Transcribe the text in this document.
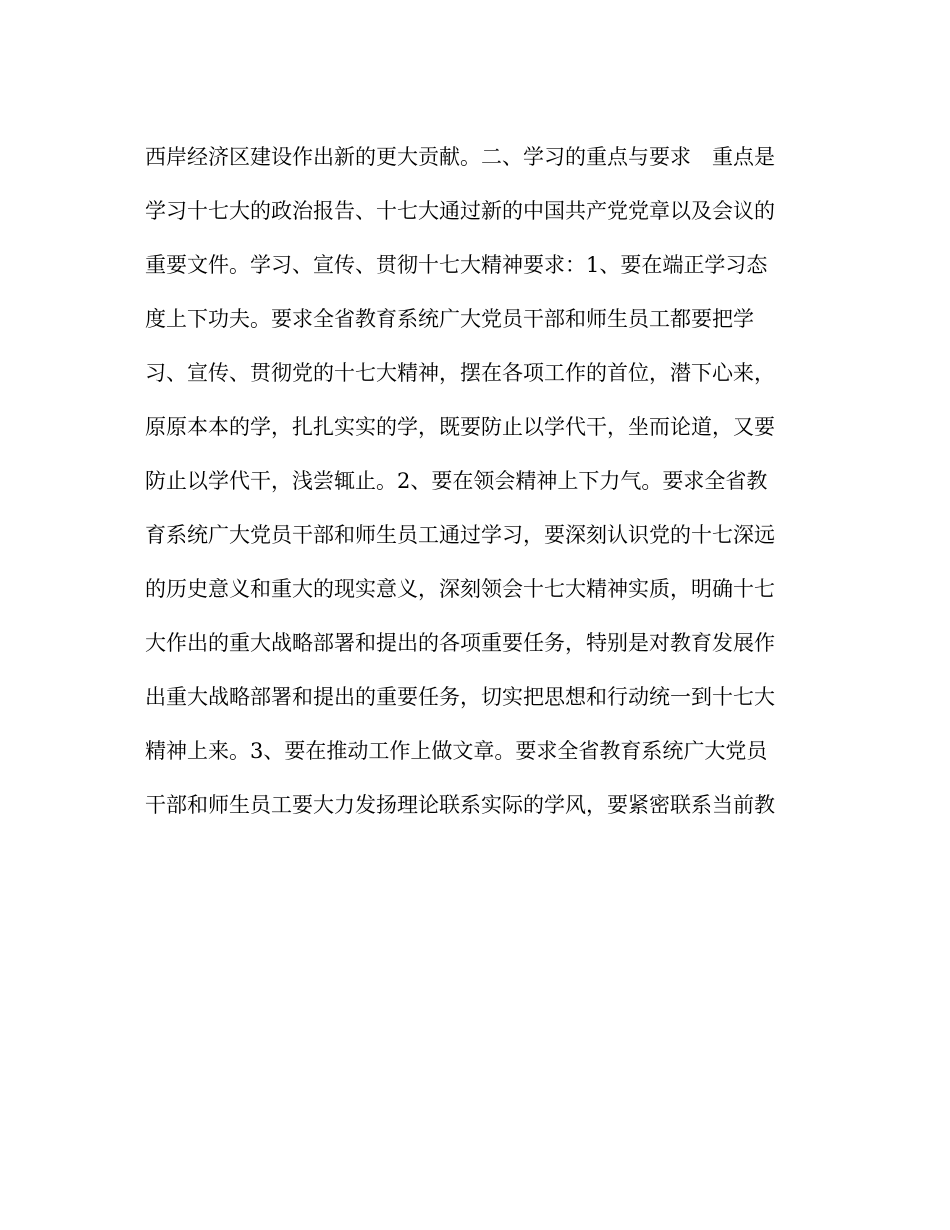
西岸经济区建设作出新的更大贡献。二、学习的重点与要求　重点是
学习十七大的政治报告、十七大通过新的中国共产党党章以及会议的
重要文件。学习、宣传、贯彻十七大精神要求：1、要在端正学习态
度上下功夫。要求全省教育系统广大党员干部和师生员工都要把学
习、宣传、贯彻党的十七大精神，摆在各项工作的首位，潜下心来，
原原本本的学，扎扎实实的学，既要防止以学代干，坐而论道，又要
防止以学代干，浅尝辄止。2、要在领会精神上下力气。要求全省教
育系统广大党员干部和师生员工通过学习，要深刻认识党的十七深远
的历史意义和重大的现实意义，深刻领会十七大精神实质，明确十七
大作出的重大战略部署和提出的各项重要任务，特别是对教育发展作
出重大战略部署和提出的重要任务，切实把思想和行动统一到十七大
精神上来。3、要在推动工作上做文章。要求全省教育系统广大党员
干部和师生员工要大力发扬理论联系实际的学风，要紧密联系当前教
